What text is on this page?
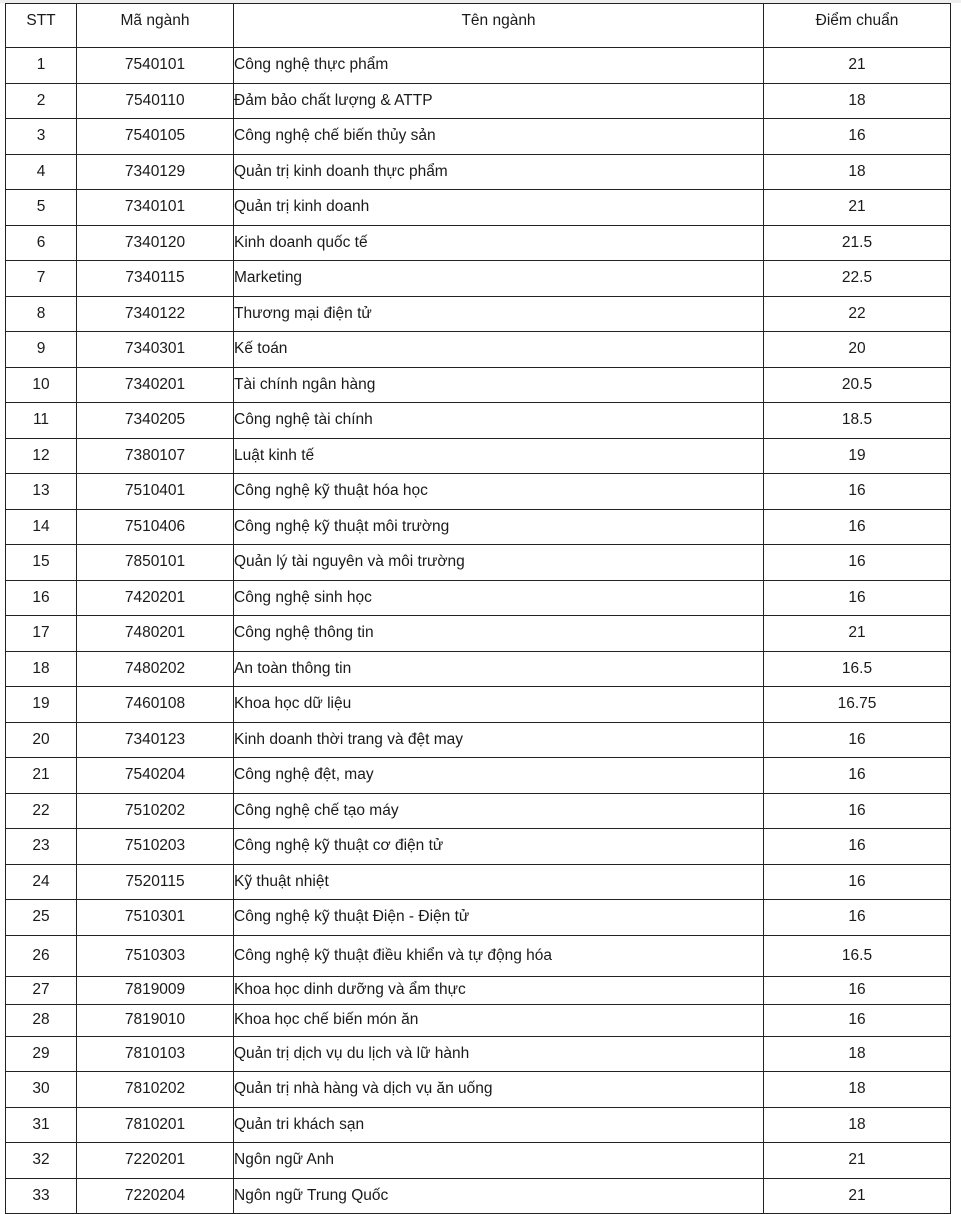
STT	Mã ngành	Tên ngành	Điểm chuẩn
1	7540101	Công nghệ thực phẩm	21
2	7540110	Đảm bảo chất lượng & ATTP	18
3	7540105	Công nghệ chế biến thủy sản	16
4	7340129	Quản trị kinh doanh thực phẩm	18
5	7340101	Quản trị kinh doanh	21
6	7340120	Kinh doanh quốc tế	21.5
7	7340115	Marketing	22.5
8	7340122	Thương mại điện tử	22
9	7340301	Kế toán	20
10	7340201	Tài chính ngân hàng	20.5
11	7340205	Công nghệ tài chính	18.5
12	7380107	Luật kinh tế	19
13	7510401	Công nghệ kỹ thuật hóa học	16
14	7510406	Công nghệ kỹ thuật môi trường	16
15	7850101	Quản lý tài nguyên và môi trường	16
16	7420201	Công nghệ sinh học	16
17	7480201	Công nghệ thông tin	21
18	7480202	An toàn thông tin	16.5
19	7460108	Khoa học dữ liệu	16.75
20	7340123	Kinh doanh thời trang và đệt may	16
21	7540204	Công nghệ đệt, may	16
22	7510202	Công nghệ chế tạo máy	16
23	7510203	Công nghệ kỹ thuật cơ điện tử	16
24	7520115	Kỹ thuật nhiệt	16
25	7510301	Công nghệ kỹ thuật Điện - Điện tử	16
26	7510303	Công nghệ kỹ thuật điều khiển và tự động hóa	16.5
27	7819009	Khoa học dinh dưỡng và ẩm thực	16
28	7819010	Khoa học chế biến món ăn	16
29	7810103	Quản trị dịch vụ du lịch và lữ hành	18
30	7810202	Quản trị nhà hàng và dịch vụ ăn uống	18
31	7810201	Quản tri khách sạn	18
32	7220201	Ngôn ngữ Anh	21
33	7220204	Ngôn ngữ Trung Quốc	21
